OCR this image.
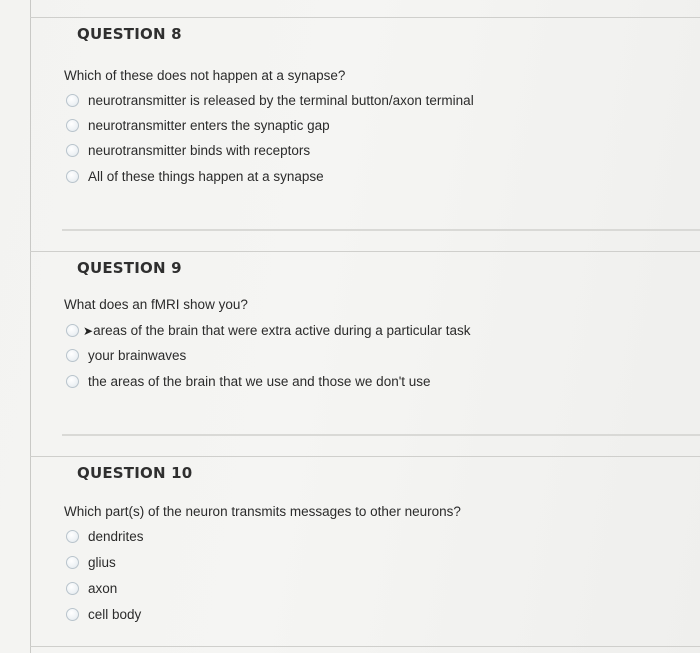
QUESTION 8
Which of these does not happen at a synapse?
neurotransmitter is released by the terminal button/axon terminal
neurotransmitter enters the synaptic gap
neurotransmitter binds with receptors
All of these things happen at a synapse
QUESTION 9
What does an fMRI show you?
➤ areas of the brain that were extra active during a particular task
your brainwaves
the areas of the brain that we use and those we don't use
QUESTION 10
Which part(s) of the neuron transmits messages to other neurons?
dendrites
glius
axon
cell body
